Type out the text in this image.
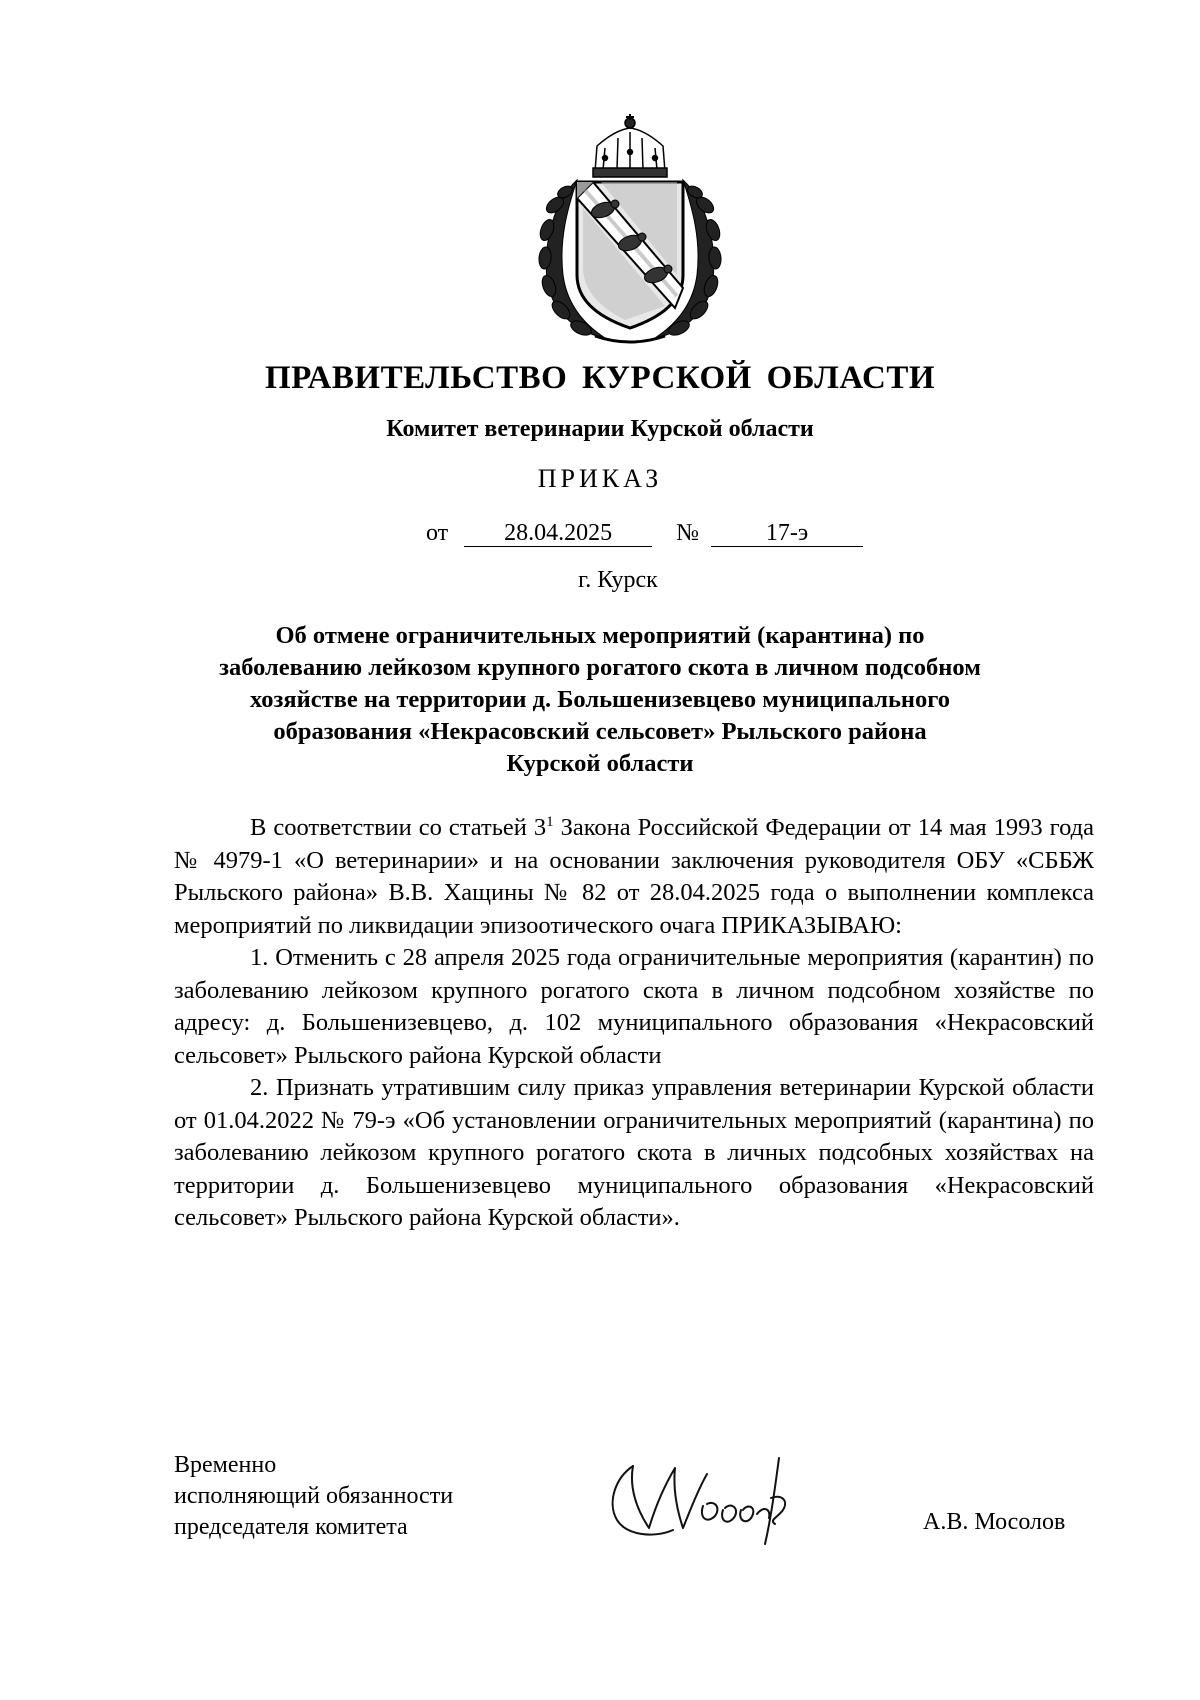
ПРАВИТЕЛЬСТВО КУРСКОЙ ОБЛАСТИ
Комитет ветеринарии Курской области
ПРИКАЗ
от 28.04.2025	№	17-э
г. Курск
Об отмене ограничительных мероприятий (карантина) по
заболеванию лейкозом крупного рогатого скота в личном подсобном
хозяйстве на территории д. Большенизевцево муниципального
образования «Некрасовский сельсовет» Рыльского района
Курской области

В соответствии со статьей $3^1$ Закона Российской Федерации от 14 мая 1993 года № 4979-1 «О ветеринарии» и на основании заключения руководителя ОБУ «СББЖ Рыльского района» В.В. Хащины № 82 от 28.04.2025 года о выполнении комплекса мероприятий по ликвидации эпизоотического очага ПРИКАЗЫВАЮ:

1. Отменить с 28 апреля 2025 года ограничительные мероприятия (карантин) по заболеванию лейкозом крупного рогатого скота в личном подсобном хозяйстве по адресу: д. Большенизевцево, д. 102 муниципального образования «Некрасовский сельсовет» Рыльского района Курской области

2. Признать утратившим силу приказ управления ветеринарии Курской области от 01.04.2022 № 79-э «Об установлении ограничительных мероприятий (карантина) по заболеванию лейкозом крупного рогатого скота в личных подсобных хозяйствах на территории д. Большенизевцево муниципального образования «Некрасовский сельсовет» Рыльского района Курской области».

Временно
исполняющий обязанности
председателя комитета	А.В. Мосолов
